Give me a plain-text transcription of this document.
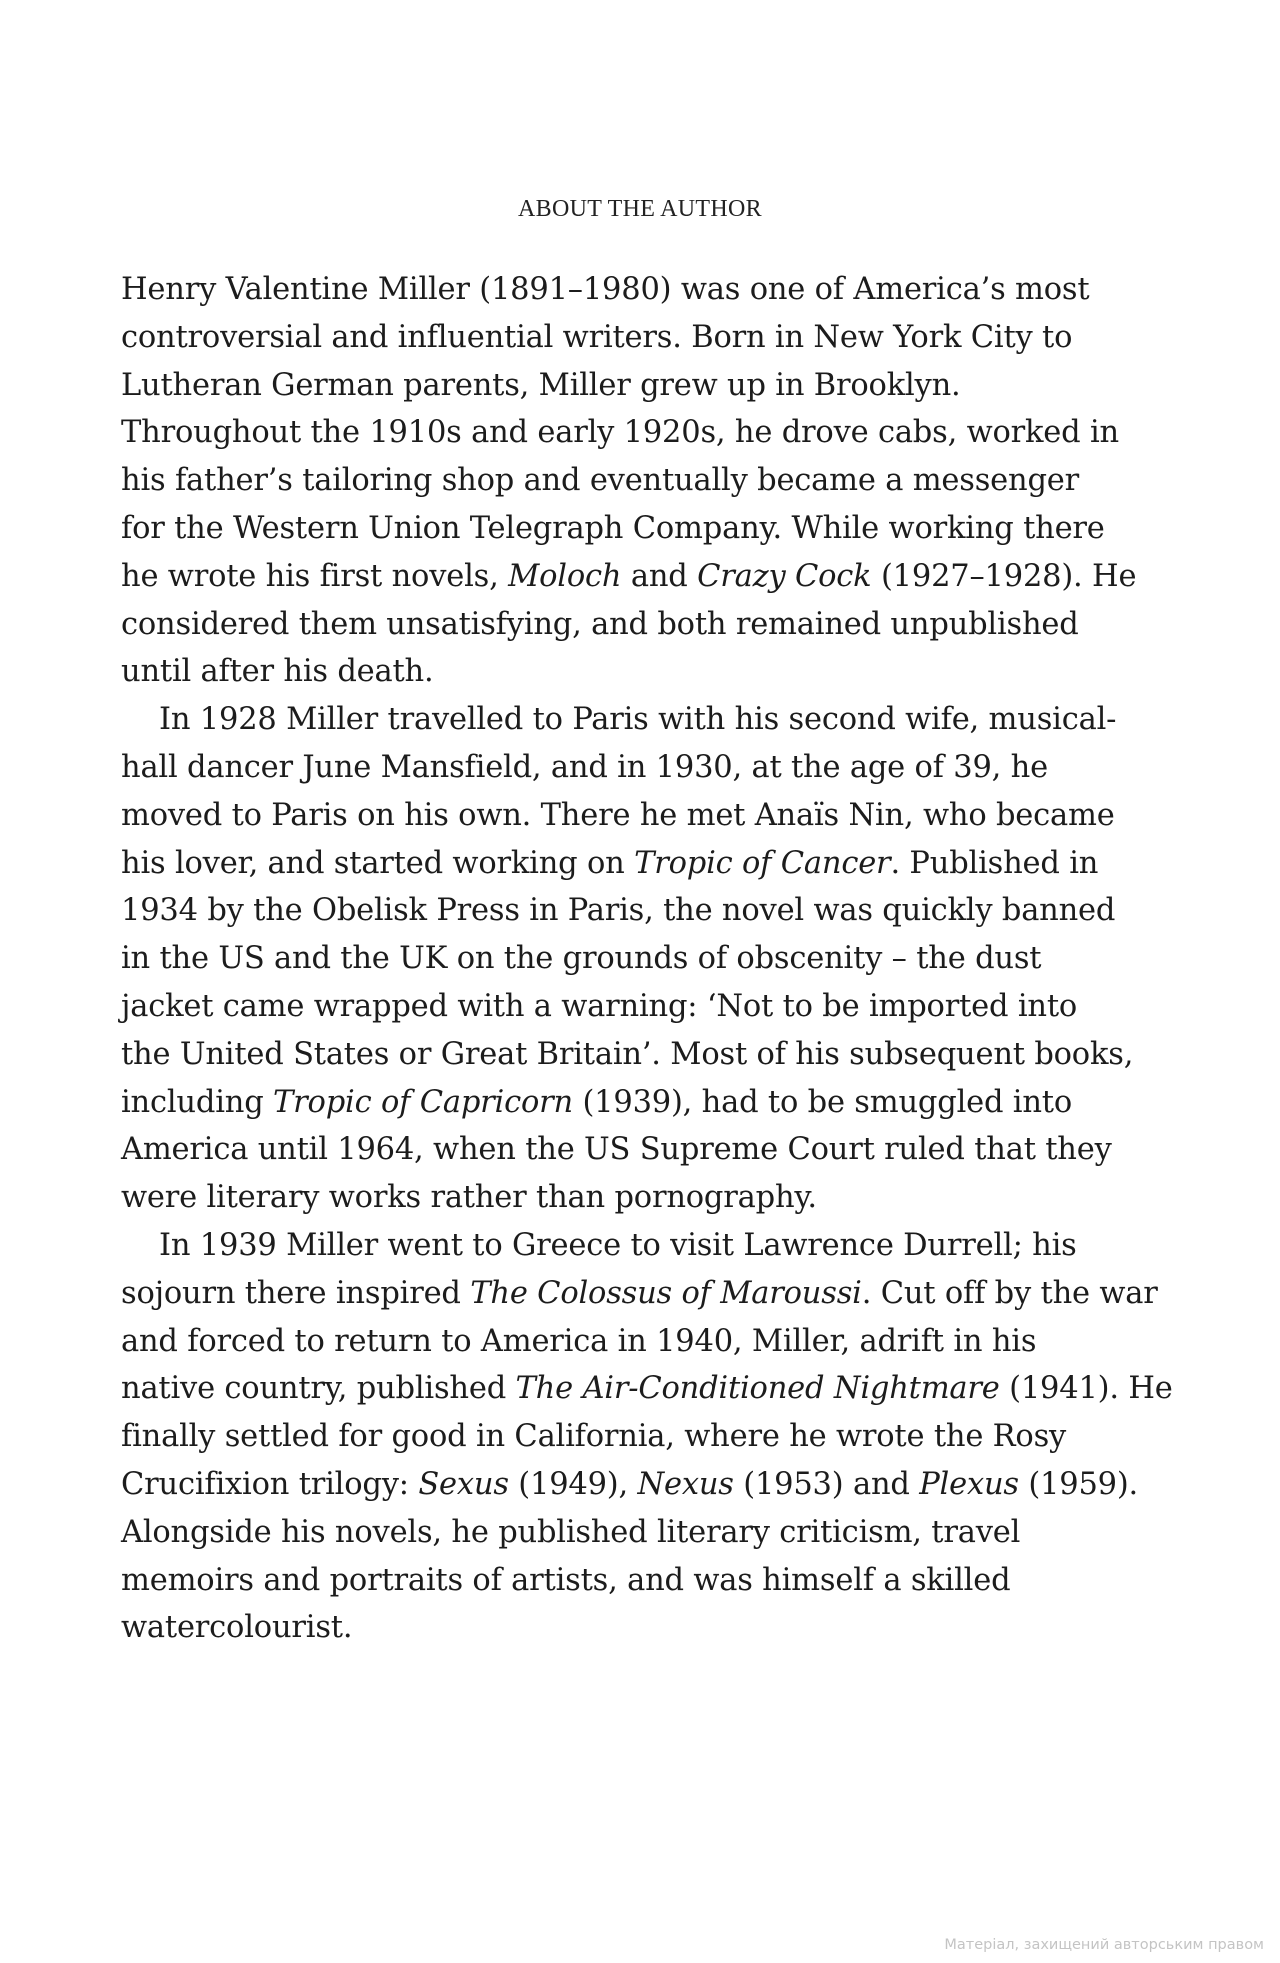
ABOUT THE AUTHOR
Henry Valentine Miller (1891–1980) was one of America’s most
controversial and influential writers. Born in New York City to
Lutheran German parents, Miller grew up in Brooklyn.
Throughout the 1910s and early 1920s, he drove cabs, worked in
his father’s tailoring shop and eventually became a messenger
for the Western Union Telegraph Company. While working there
he wrote his first novels, Moloch and Crazy Cock (1927–1928). He
considered them unsatisfying, and both remained unpublished
until after his death.
In 1928 Miller travelled to Paris with his second wife, musical-
hall dancer June Mansfield, and in 1930, at the age of 39, he
moved to Paris on his own. There he met Anaïs Nin, who became
his lover, and started working on Tropic of Cancer. Published in
1934 by the Obelisk Press in Paris, the novel was quickly banned
in the US and the UK on the grounds of obscenity – the dust
jacket came wrapped with a warning: ‘Not to be imported into
the United States or Great Britain’. Most of his subsequent books,
including Tropic of Capricorn (1939), had to be smuggled into
America until 1964, when the US Supreme Court ruled that they
were literary works rather than pornography.
In 1939 Miller went to Greece to visit Lawrence Durrell; his
sojourn there inspired The Colossus of Maroussi. Cut off by the war
and forced to return to America in 1940, Miller, adrift in his
native country, published The Air-Conditioned Nightmare (1941). He
finally settled for good in California, where he wrote the Rosy
Crucifixion trilogy: Sexus (1949), Nexus (1953) and Plexus (1959).
Alongside his novels, he published literary criticism, travel
memoirs and portraits of artists, and was himself a skilled
watercolourist.
Матеріал, захищений авторським правом
